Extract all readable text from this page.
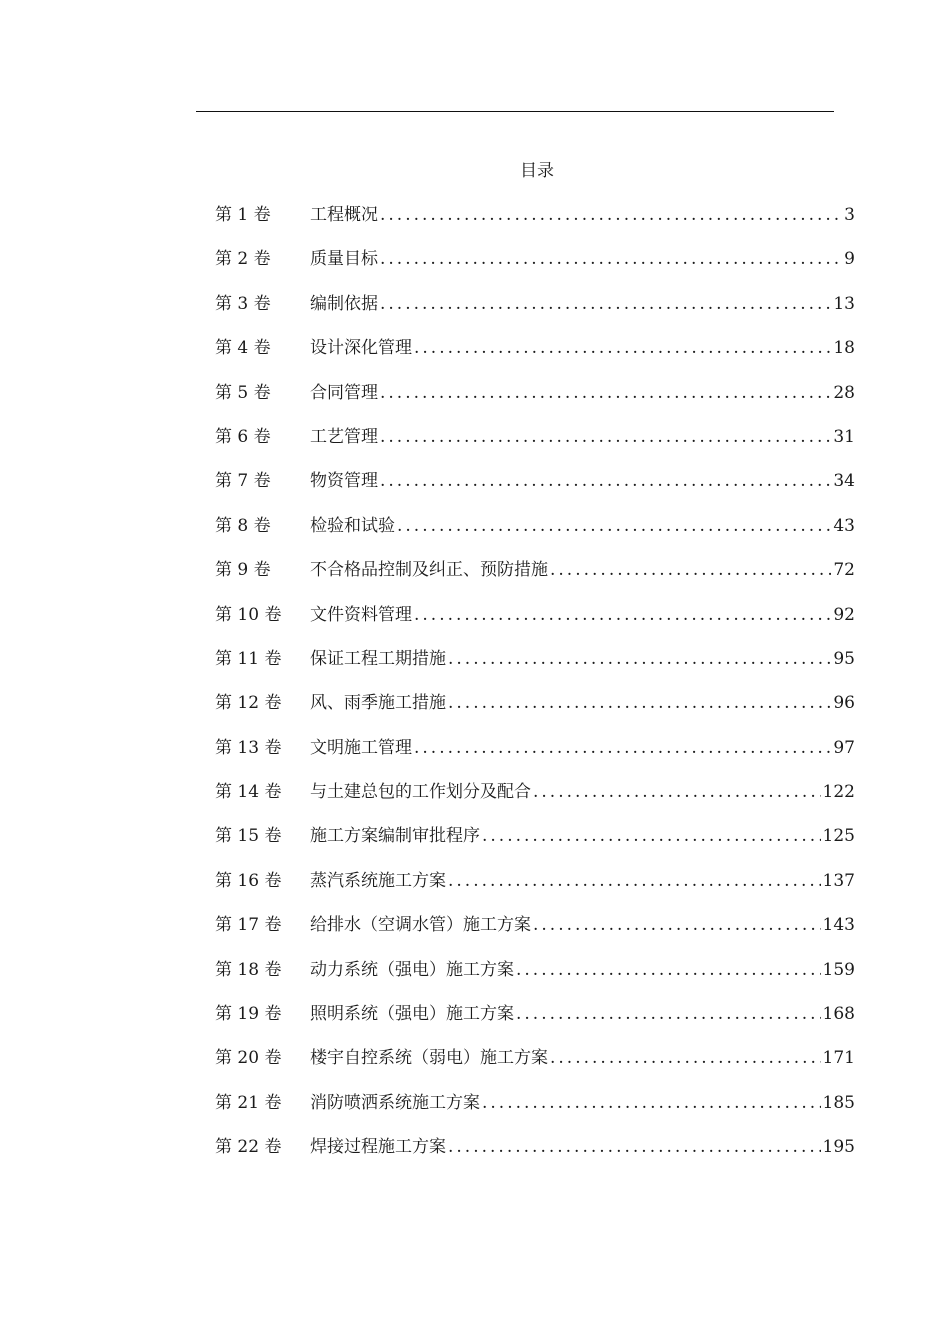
目录
第 1 卷	工程概况 .....	3
第 2 卷	质量目标 .....	9
第 3 卷	编制依据 .....	13
第 4 卷	设计深化管理 .....	18
第 5 卷	合同管理 .....	28
第 6 卷	工艺管理 .....	31
第 7 卷	物资管理 .....	34
第 8 卷	检验和试验 .....	43
第 9 卷	不合格品控制及纠正、预防措施 .....	72
第 10 卷	文件资料管理 .....	92
第 11 卷	保证工程工期措施 .....	95
第 12 卷	风、雨季施工措施 .....	96
第 13 卷	文明施工管理 .....	97
第 14 卷	与土建总包的工作划分及配合 .....	122
第 15 卷	施工方案编制审批程序 .....	125
第 16 卷	蒸汽系统施工方案 .....	137
第 17 卷	给排水（空调水管）施工方案 .....	143
第 18 卷	动力系统（强电）施工方案 .....	159
第 19 卷	照明系统（强电）施工方案 .....	168
第 20 卷	楼宇自控系统（弱电）施工方案 .....	171
第 21 卷	消防喷洒系统施工方案 .....	185
第 22 卷	焊接过程施工方案 .....	195
